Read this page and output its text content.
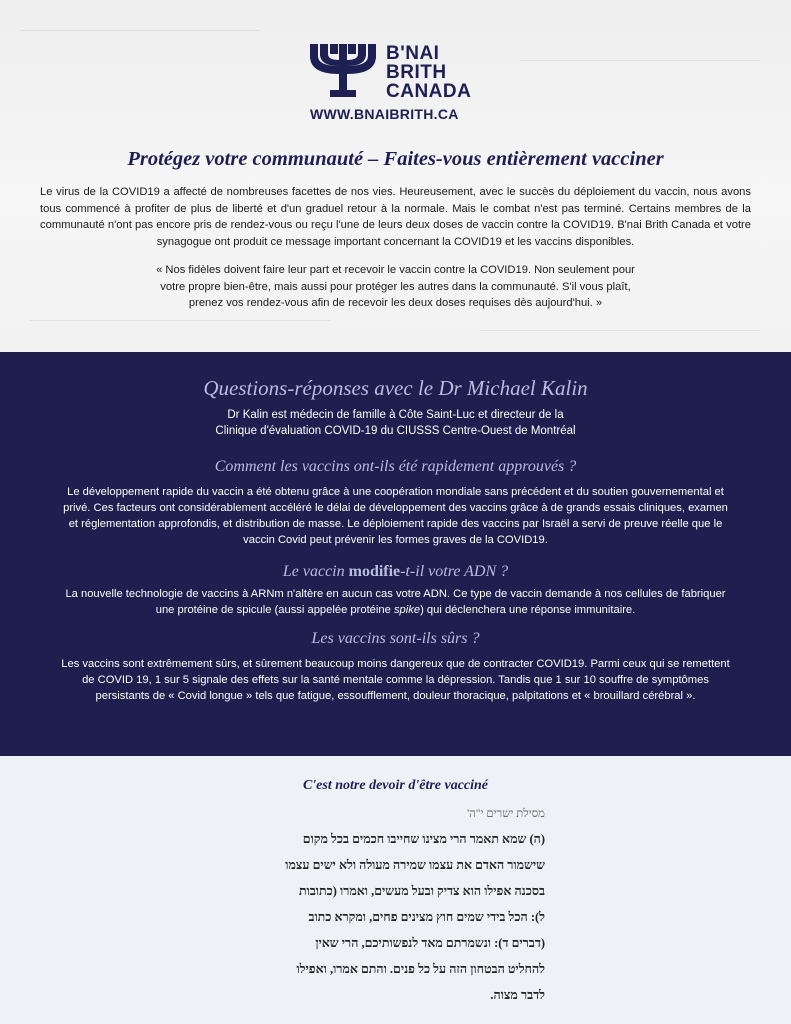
B'NAI
BRITH
CANADA
WWW.BNAIBRITH.CA
Protégez votre communauté – Faites-vous entièrement vacciner
Le virus de la COVID19 a affecté de nombreuses facettes de nos vies. Heureusement, avec le succès du déploiement du vaccin, nous avons tous commencé à profiter de plus de liberté et d'un graduel retour à la normale. Mais le combat n'est pas terminé. Certains membres de la communauté n'ont pas encore pris de rendez-vous ou reçu l'une de leurs deux doses de vaccin contre la COVID19. B'nai Brith Canada et votre synagogue ont produit ce message important concernant la COVID19 et les vaccins disponibles.
« Nos fidèles doivent faire leur part et recevoir le vaccin contre la COVID19. Non seulement pour
votre propre bien-être, mais aussi pour protéger les autres dans la communauté. S'il vous plaît,
prenez vos rendez-vous afin de recevoir les deux doses requises dès aujourd'hui. »
Questions-réponses avec le Dr Michael Kalin
Dr Kalin est médecin de famille à Côte Saint-Luc et directeur de la
Clinique d'évaluation COVID-19 du CIUSSS Centre-Ouest de Montréal
Comment les vaccins ont-ils été rapidement approuvés ?
Le développement rapide du vaccin a été obtenu grâce à une coopération mondiale sans précédent et du soutien gouvernemental et privé. Ces facteurs ont considérablement accéléré le délai de développement des vaccins grâce à de grands essais cliniques, examen et réglementation approfondis, et distribution de masse. Le déploiement rapide des vaccins par Israël a servi de preuve réelle que le vaccin Covid peut prévenir les formes graves de la COVID19.
Le vaccin modifie-t-il votre ADN ?
La nouvelle technologie de vaccins à ARNm n'altère en aucun cas votre ADN. Ce type de vaccin demande à nos cellules de fabriquer une protéine de spicule (aussi appelée protéine spike) qui déclenchera une réponse immunitaire.
Les vaccins sont-ils sûrs ?
Les vaccins sont extrêmement sûrs, et sûrement beaucoup moins dangereux que de contracter COVID19. Parmi ceux qui se remettent de COVID 19, 1 sur 5 signale des effets sur la santé mentale comme la dépression. Tandis que 1 sur 10 souffre de symptômes persistants de « Covid longue » tels que fatigue, essoufflement, douleur thoracique, palpitations et « brouillard cérébral ».
C'est notre devoir d'être vacciné
מסילת ישרים י"ה'
(ה) שמא תאמר הרי מצינו שחייבו חכמים בכל מקום
שישמור האדם את עצמו שמירה מעולה ולא ישים עצמו
בסכנה אפילו הוא צדיק ובעל מעשים, ואמרו (כתובות
ל): הכל בידי שמים חוץ מצינים פחים, ומקרא כתוב
(דברים ד): ונשמרתם מאד לנפשותיכם, הרי שאין
להחליט הבטחון הזה על כל פנים. והתם אמרו, ואפילו
לדבר מצוה.
